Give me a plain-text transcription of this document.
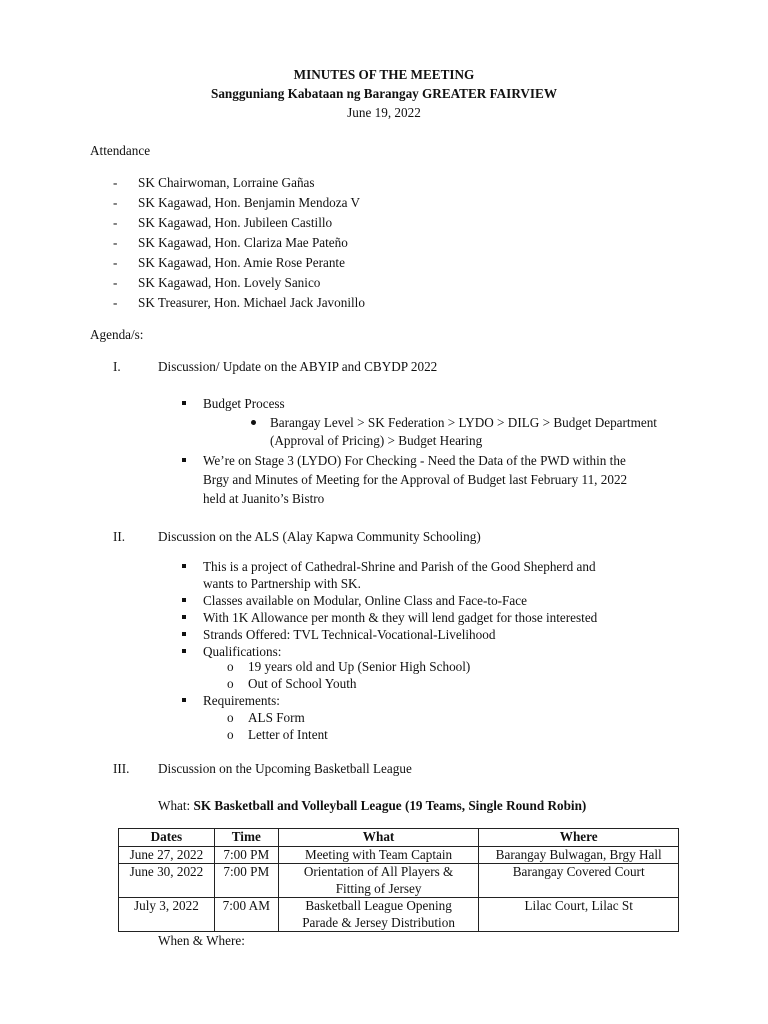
MINUTES OF THE MEETING
Sangguniang Kabataan ng Barangay GREATER FAIRVIEW
June 19, 2022
Attendance
- SK Chairwoman, Lorraine Gañas
- SK Kagawad, Hon. Benjamin Mendoza V
- SK Kagawad, Hon. Jubileen Castillo
- SK Kagawad, Hon. Clariza Mae Pateño
- SK Kagawad, Hon. Amie Rose Perante
- SK Kagawad, Hon. Lovely Sanico
- SK Treasurer, Hon. Michael Jack Javonillo
Agenda/s:
I.	Discussion/ Update on the ABYIP and CBYDP 2022
Budget Process
Barangay Level > SK Federation > LYDO > DILG > Budget Department
(Approval of Pricing) > Budget Hearing
We’re on Stage 3 (LYDO) For Checking - Need the Data of the PWD within the
Brgy and Minutes of Meeting for the Approval of Budget last February 11, 2022
held at Juanito’s Bistro
II. Discussion on the ALS (Alay Kapwa Community Schooling)
This is a project of Cathedral-Shrine and Parish of the Good Shepherd and
wants to Partnership with SK.
Classes available on Modular, Online Class and Face-to-Face
With 1K Allowance per month & they will lend gadget for those interested
Strands Offered: TVL Technical-Vocational-Livelihood
Qualifications:
o 19 years old and Up (Senior High School)
o Out of School Youth
Requirements:
o ALS Form
o Letter of Intent
III. Discussion on the Upcoming Basketball League
What: SK Basketball and Volleyball League (19 Teams, Single Round Robin)
Dates	Time	What	Where
June 27, 2022	7:00 PM	Meeting with Team Captain	Barangay Bulwagan, Brgy Hall
June 30, 2022	7:00 PM	Orientation of All Players &
Fitting of Jersey	Barangay Covered Court
July 3, 2022	7:00 AM	Basketball League Opening
Parade & Jersey Distribution	Lilac Court, Lilac St
When & Where:
